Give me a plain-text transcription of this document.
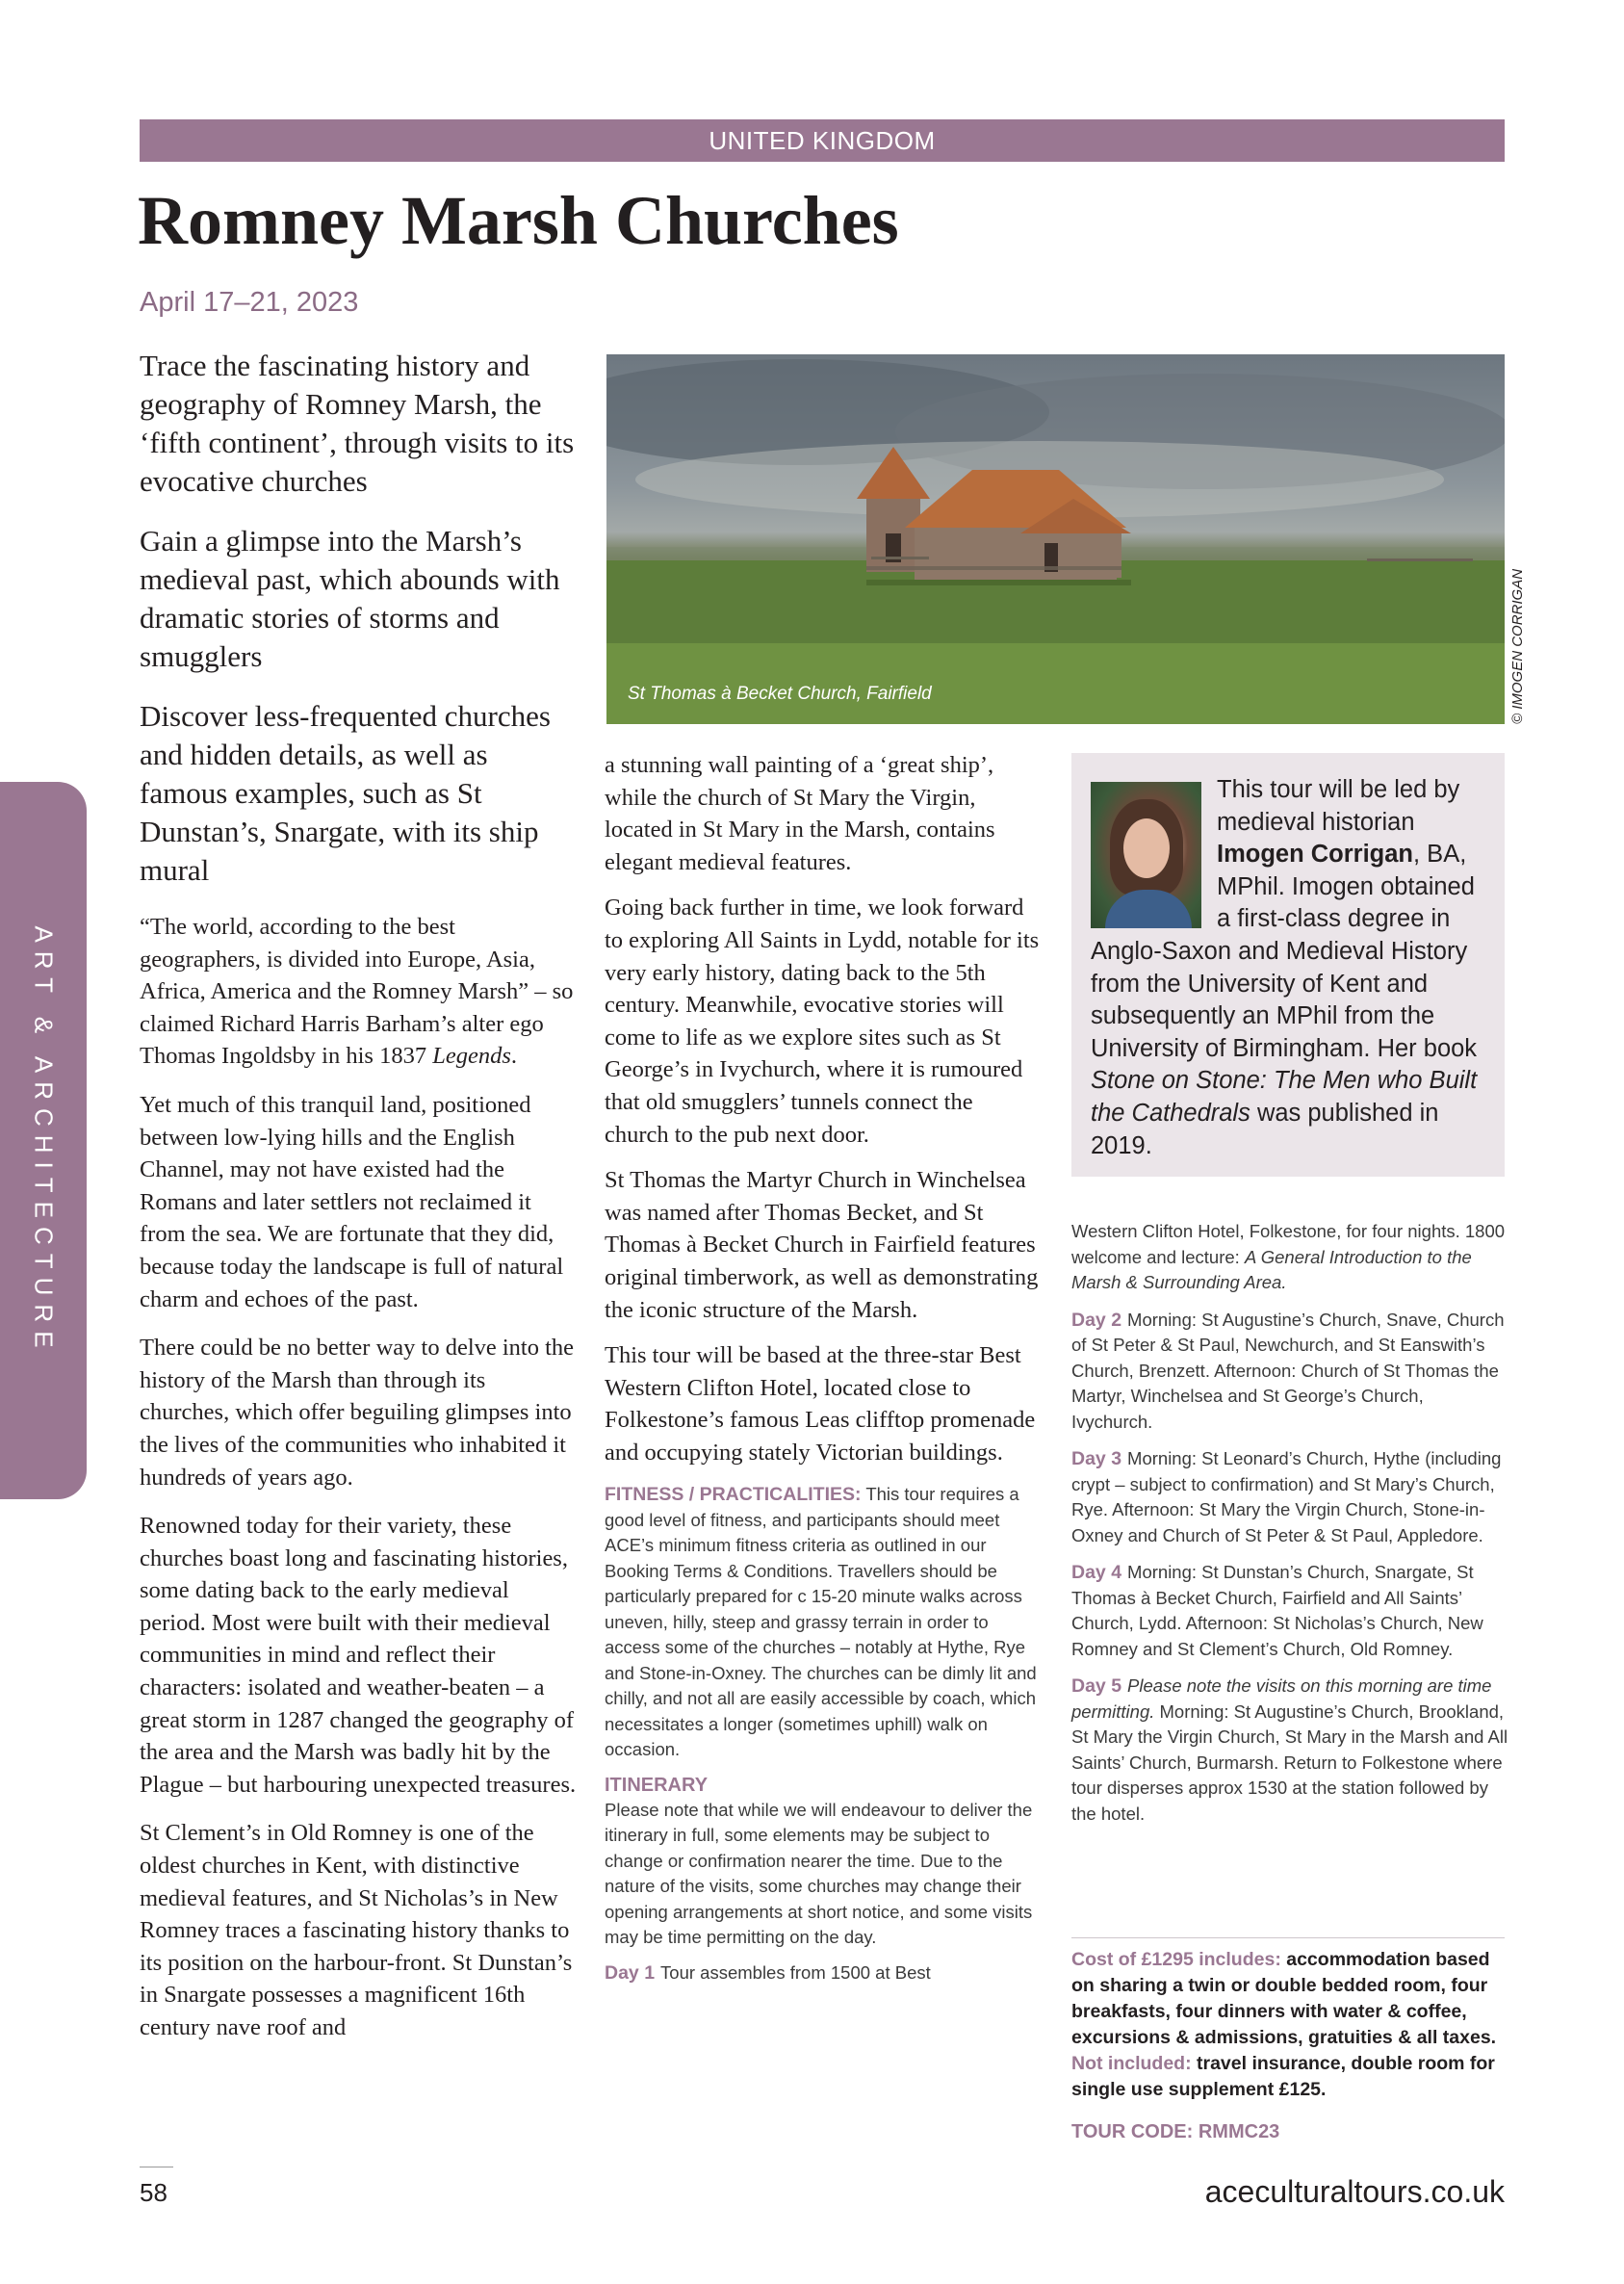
UNITED KINGDOM
Romney Marsh Churches
April 17–21, 2023
ART & ARCHITECTURE

Trace the fascinating history and geography of Romney Marsh, the ‘fifth continent’, through visits to its evocative churches

Gain a glimpse into the Marsh’s medieval past, which abounds with dramatic stories of storms and smugglers

Discover less-frequented churches and hidden details, as well as famous examples, such as St Dunstan’s, Snargate, with its ship mural

“The world, according to the best geographers, is divided into Europe, Asia, Africa, America and the Romney Marsh” – so claimed Richard Harris Barham’s alter ego Thomas Ingoldsby in his 1837 Legends.

Yet much of this tranquil land, positioned between low-lying hills and the English Channel, may not have existed had the Romans and later settlers not reclaimed it from the sea. We are fortunate that they did, because today the landscape is full of natural charm and echoes of the past.

There could be no better way to delve into the history of the Marsh than through its churches, which offer beguiling glimpses into the lives of the communities who inhabited it hundreds of years ago.

Renowned today for their variety, these churches boast long and fascinating histories, some dating back to the early medieval period. Most were built with their medieval communities in mind and reflect their characters: isolated and weather-beaten – a great storm in 1287 changed the geography of the area and the Marsh was badly hit by the Plague – but harbouring unexpected treasures.

St Clement’s in Old Romney is one of the oldest churches in Kent, with distinctive medieval features, and St Nicholas’s in New Romney traces a fascinating history thanks to its position on the harbour-front. St Dunstan’s in Snargate possesses a magnificent 16th century nave roof and

St Thomas à Becket Church, Fairfield	© IMOGEN CORRIGAN

a stunning wall painting of a ‘great ship’, while the church of St Mary the Virgin, located in St Mary in the Marsh, contains elegant medieval features.

Going back further in time, we look forward to exploring All Saints in Lydd, notable for its very early history, dating back to the 5th century. Meanwhile, evocative stories will come to life as we explore sites such as St George’s in Ivychurch, where it is rumoured that old smugglers’ tunnels connect the church to the pub next door.

St Thomas the Martyr Church in Winchelsea was named after Thomas Becket, and St Thomas à Becket Church in Fairfield features original timberwork, as well as demonstrating the iconic structure of the Marsh.

This tour will be based at the three-star Best Western Clifton Hotel, located close to Folkestone’s famous Leas clifftop promenade and occupying stately Victorian buildings.

FITNESS / PRACTICALITIES: This tour requires a good level of fitness, and participants should meet ACE’s minimum fitness criteria as outlined in our Booking Terms & Conditions. Travellers should be particularly prepared for c 15-20 minute walks across uneven, hilly, steep and grassy terrain in order to access some of the churches – notably at Hythe, Rye and Stone-in-Oxney. The churches can be dimly lit and chilly, and not all are easily accessible by coach, which necessitates a longer (sometimes uphill) walk on occasion.

ITINERARY

Please note that while we will endeavour to deliver the itinerary in full, some elements may be subject to change or confirmation nearer the time. Due to the nature of the visits, some churches may change their opening arrangements at short notice, and some visits may be time permitting on the day.

Day 1 Tour assembles from 1500 at Best

This tour will be led by medieval historian Imogen Corrigan, BA, MPhil. Imogen obtained a first-class degree in Anglo-Saxon and Medieval History from the University of Kent and subsequently an MPhil from the University of Birmingham. Her book Stone on Stone: The Men who Built the Cathedrals was published in 2019.

Western Clifton Hotel, Folkestone, for four nights. 1800 welcome and lecture: A General Introduction to the Marsh & Surrounding Area.

Day 2 Morning: St Augustine’s Church, Snave, Church of St Peter & St Paul, Newchurch, and St Eanswith’s Church, Brenzett. Afternoon: Church of St Thomas the Martyr, Winchelsea and St George’s Church, Ivychurch.

Day 3 Morning: St Leonard’s Church, Hythe (including crypt – subject to confirmation) and St Mary’s Church, Rye. Afternoon: St Mary the Virgin Church, Stone-in-Oxney and Church of St Peter & St Paul, Appledore.

Day 4 Morning: St Dunstan’s Church, Snargate, St Thomas à Becket Church, Fairfield and All Saints’ Church, Lydd. Afternoon: St Nicholas’s Church, New Romney and St Clement’s Church, Old Romney.

Day 5 Please note the visits on this morning are time permitting. Morning: St Augustine’s Church, Brookland, St Mary the Virgin Church, St Mary in the Marsh and All Saints’ Church, Burmarsh. Return to Folkestone where tour disperses approx 1530 at the station followed by the hotel.

Cost of £1295 includes: accommodation based on sharing a twin or double bedded room, four breakfasts, four dinners with water & coffee, excursions & admissions, gratuities & all taxes.
Not included: travel insurance, double room for single use supplement £125.
TOUR CODE: RMMC23
58	aceculturaltours.co.uk
